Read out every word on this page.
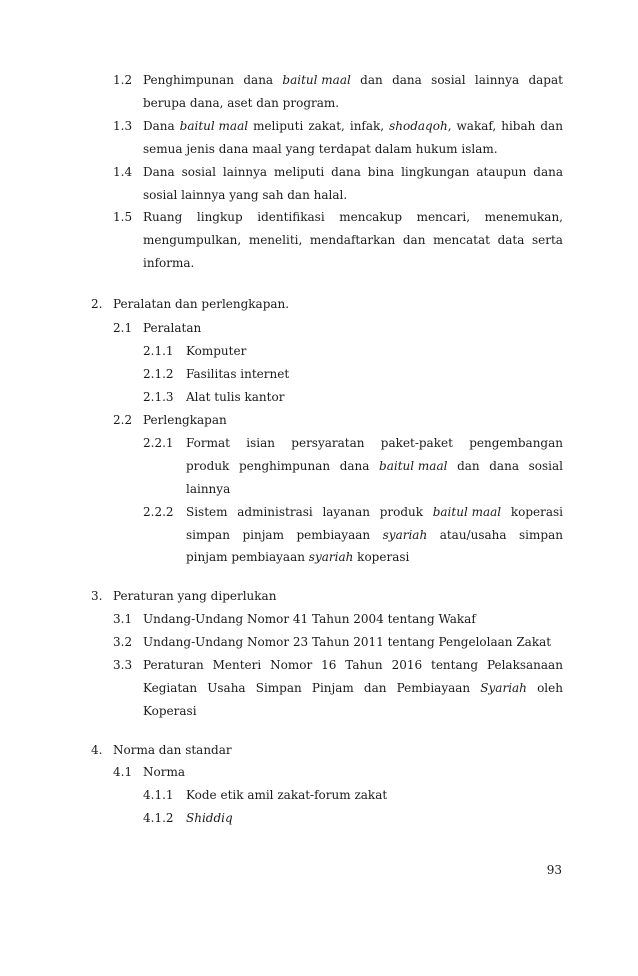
1.2 Penghimpunan dana baitul maal dan dana sosial lainnya dapat
berupa dana, aset dan program.
1.3 Dana baitul maal meliputi zakat, infak, shodaqoh, wakaf, hibah dan
semua jenis dana maal yang terdapat dalam hukum islam.
1.4 Dana sosial lainnya meliputi dana bina lingkungan ataupun dana
sosial lainnya yang sah dan halal.
1.5 Ruang lingkup identifikasi mencakup mencari, menemukan,
mengumpulkan, meneliti, mendaftarkan dan mencatat data serta
informa.
2. Peralatan dan perlengkapan.
2.1 Peralatan
2.1.1 Komputer
2.1.2 Fasilitas internet
2.1.3 Alat tulis kantor
2.2 Perlengkapan
2.2.1 Format isian persyaratan paket-paket pengembangan
produk penghimpunan dana baitul maal dan dana sosial
lainnya
2.2.2 Sistem administrasi layanan produk baitul maal koperasi
simpan pinjam pembiayaan syariah atau/usaha simpan
pinjam pembiayaan syariah koperasi
3. Peraturan yang diperlukan
3.1 Undang-Undang Nomor 41 Tahun 2004 tentang Wakaf
3.2 Undang-Undang Nomor 23 Tahun 2011 tentang Pengelolaan Zakat
3.3 Peraturan Menteri Nomor 16 Tahun 2016 tentang Pelaksanaan
Kegiatan Usaha Simpan Pinjam dan Pembiayaan Syariah oleh
Koperasi
4. Norma dan standar
4.1 Norma
4.1.1 Kode etik amil zakat-forum zakat
4.1.2 Shiddiq
93
